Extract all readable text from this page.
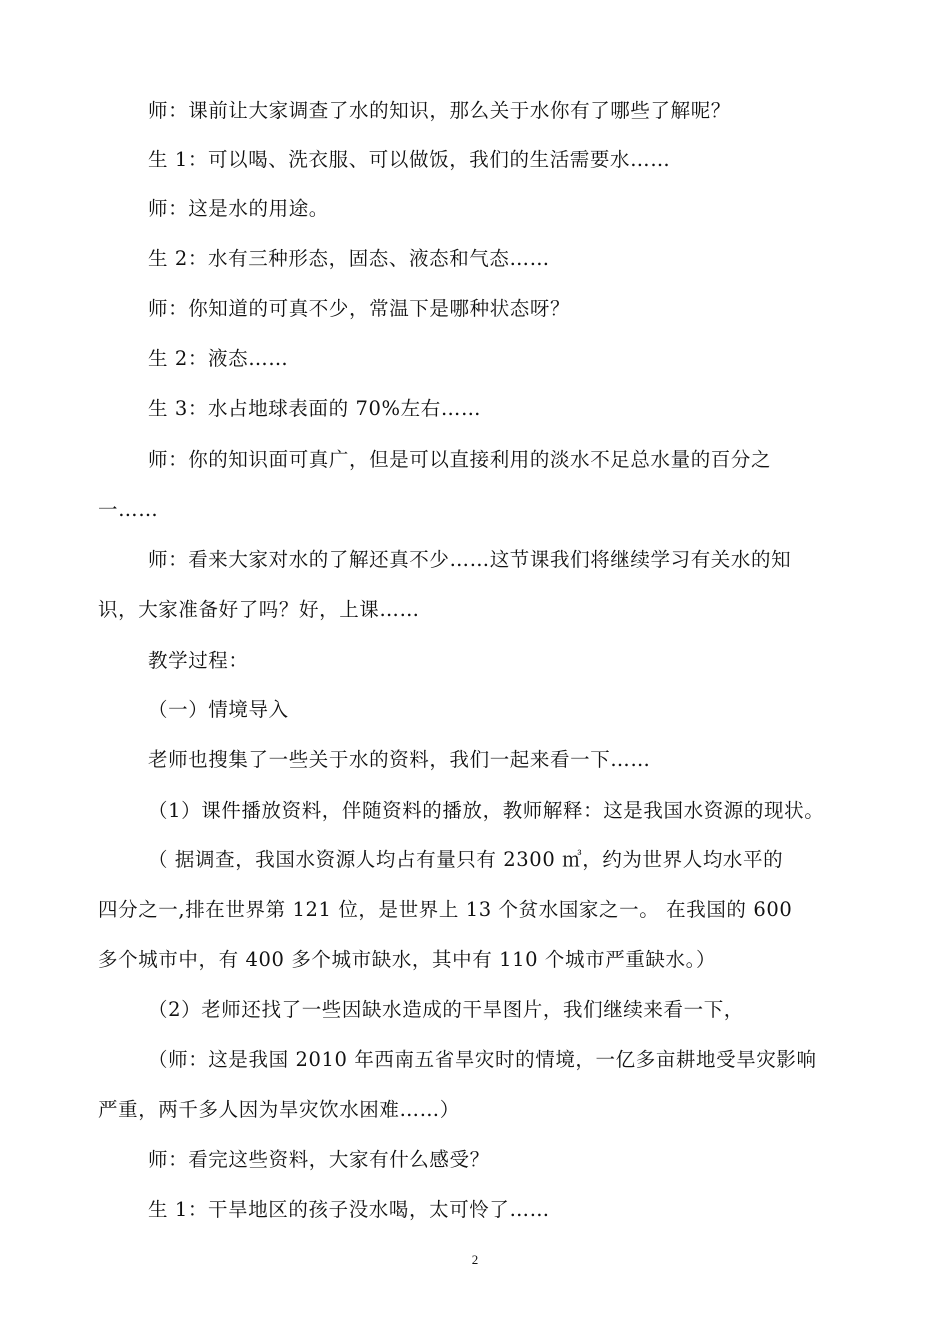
师：课前让大家调查了水的知识，那么关于水你有了哪些了解呢？
生 1：可以喝、洗衣服、可以做饭，我们的生活需要水……
师：这是水的用途。
生 2：水有三种形态，固态、液态和气态……
师：你知道的可真不少，常温下是哪种状态呀？
生 2：液态……
生 3：水占地球表面的 70%左右……
师：你的知识面可真广，但是可以直接利用的淡水不足总水量的百分之
一……
师：看来大家对水的了解还真不少……这节课我们将继续学习有关水的知
识，大家准备好了吗？好，上课……
教学过程：
（一）情境导入
老师也搜集了一些关于水的资料，我们一起来看一下……
（1）课件播放资料，伴随资料的播放，教师解释：这是我国水资源的现状。
（ 据调查，我国水资源人均占有量只有 2300 ㎥，约为世界人均水平的
四分之一,排在世界第 121 位，是世界上 13 个贫水国家之一。 在我国的 600
多个城市中，有 400 多个城市缺水，其中有 110 个城市严重缺水。）
（2）老师还找了一些因缺水造成的干旱图片，我们继续来看一下，
（师：这是我国 2010 年西南五省旱灾时的情境，一亿多亩耕地受旱灾影响
严重，两千多人因为旱灾饮水困难……）
师：看完这些资料，大家有什么感受？
生 1：干旱地区的孩子没水喝，太可怜了……
2
